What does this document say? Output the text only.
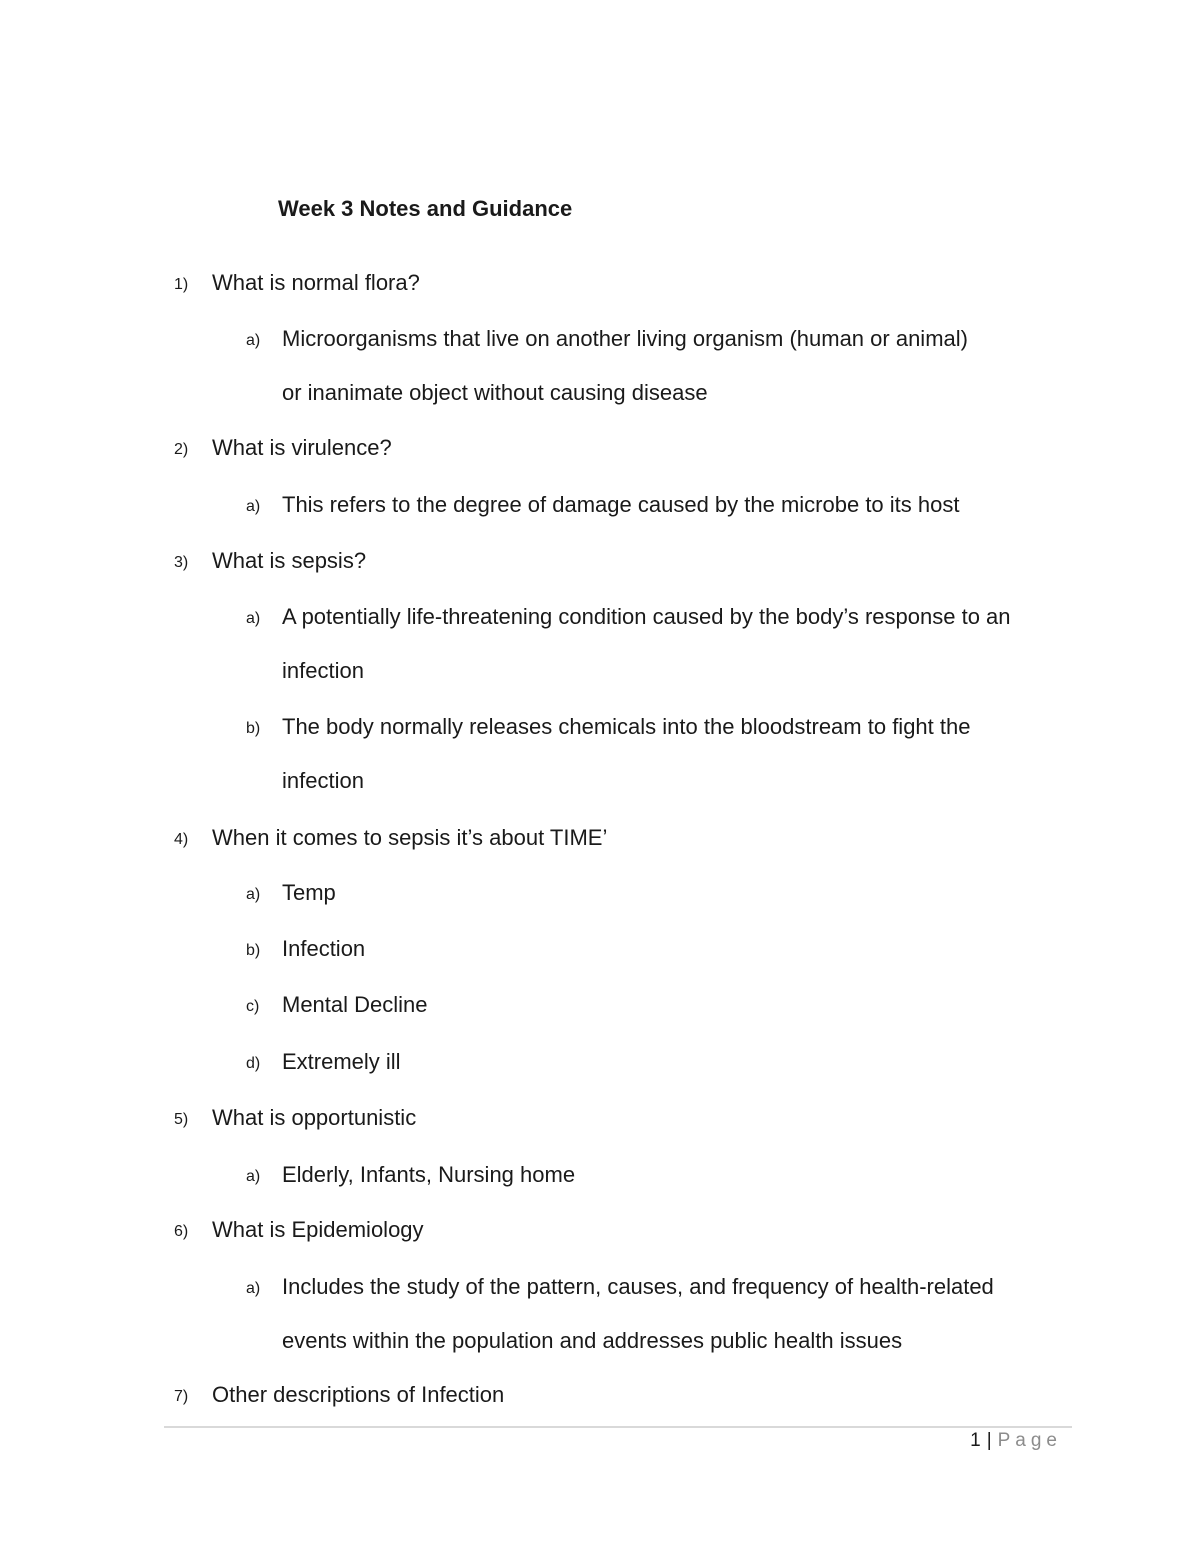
Week 3 Notes and Guidance
1)	What is normal flora?
a) Microorganisms that live on another living organism (human or animal)
or inanimate object without causing disease
2)	What is virulence?
a) This refers to the degree of damage caused by the microbe to its host
3)	What is sepsis?
a) A potentially life-threatening condition caused by the body’s response to an
infection
b) The body normally releases chemicals into the bloodstream to fight the
infection
4)	When it comes to sepsis it’s about TIME’
a) Temp
b) Infection
c)	Mental Decline
d) Extremely ill
5)	What is opportunistic
a) Elderly, Infants, Nursing home
6)	What is Epidemiology
a) Includes the study of the pattern, causes, and frequency of health-related
events within the population and addresses public health issues
7)	Other descriptions of Infection
1 | Page
